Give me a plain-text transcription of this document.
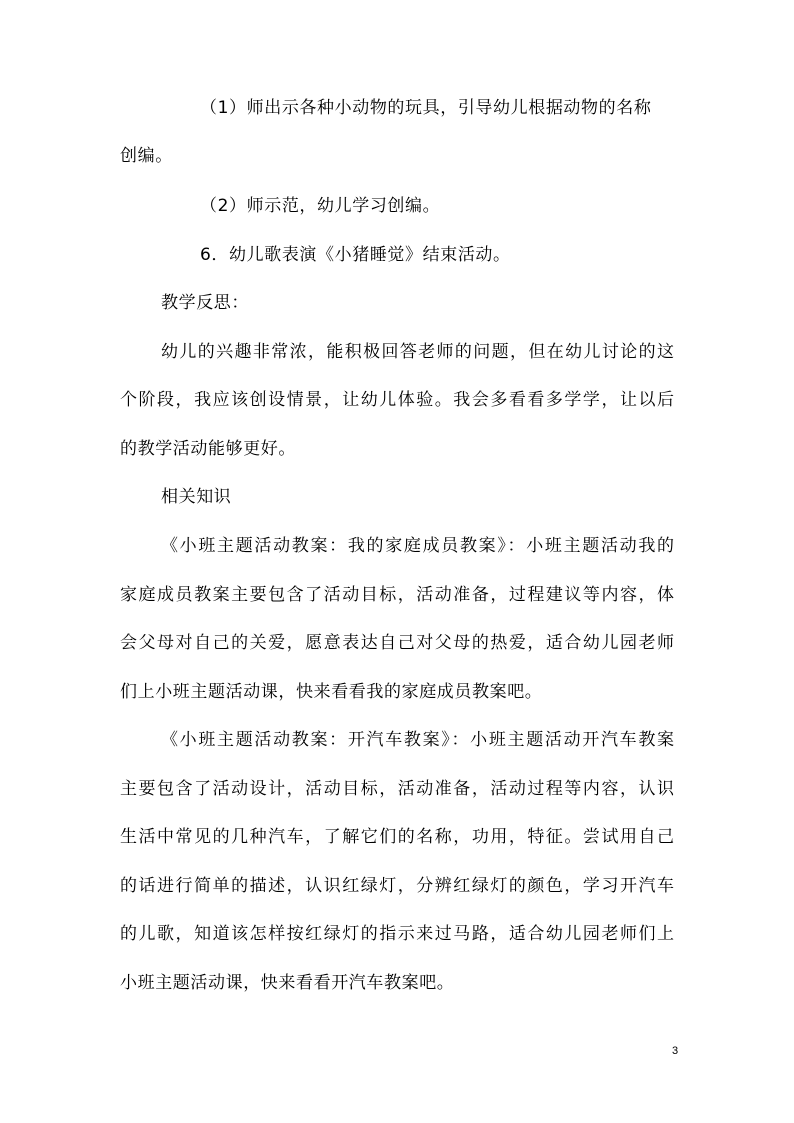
（1）师出示各种小动物的玩具，引导幼儿根据动物的名称
创编。
（2）师示范，幼儿学习创编。
6．幼儿歌表演《小猪睡觉》结束活动。
教学反思：
幼儿的兴趣非常浓，能积极回答老师的问题，但在幼儿讨论的这
个阶段，我应该创设情景，让幼儿体验。我会多看看多学学，让以后
的教学活动能够更好。
相关知识
《小班主题活动教案：我的家庭成员教案》：小班主题活动我的
家庭成员教案主要包含了活动目标，活动准备，过程建议等内容，体
会父母对自己的关爱，愿意表达自己对父母的热爱，适合幼儿园老师
们上小班主题活动课，快来看看我的家庭成员教案吧。
《小班主题活动教案：开汽车教案》：小班主题活动开汽车教案
主要包含了活动设计，活动目标，活动准备，活动过程等内容，认识
生活中常见的几种汽车，了解它们的名称，功用，特征。尝试用自己
的话进行简单的描述，认识红绿灯，分辨红绿灯的颜色，学习开汽车
的儿歌，知道该怎样按红绿灯的指示来过马路，适合幼儿园老师们上
小班主题活动课，快来看看开汽车教案吧。
3
